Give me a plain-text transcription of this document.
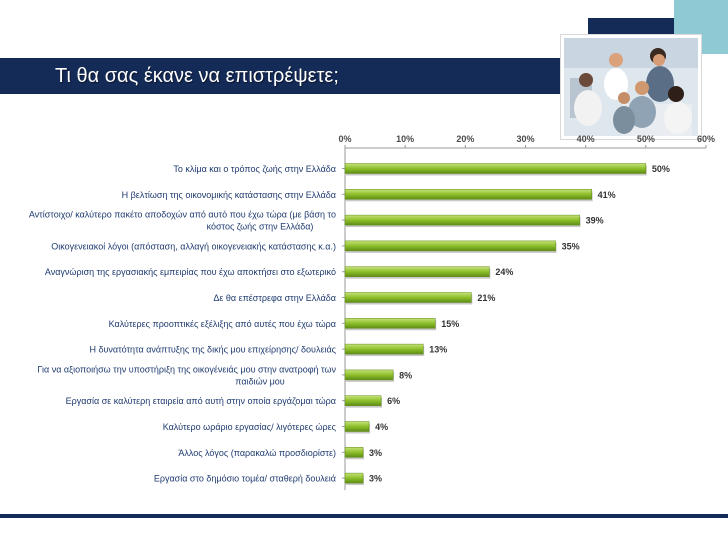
Τι θα σας έκανε να επιστρέψετε;
0%	10%	20%	30%	40%	50%	60%
50%
Το κλίμα και ο τρόπος ζωής στην Ελλάδα
41%
Η βελτίωση της οικονομικής κατάστασης στην Ελλάδα
39%
Αντίστοιχο/ καλύτερο πακέτο αποδοχών από αυτό που έχω τώρα (με βάση το
κόστος ζωής στην Ελλάδα)
35%
Οικογενειακοί λόγοι (απόσταση, αλλαγή οικογενειακής κατάστασης κ.α.)
24%
Αναγνώριση της εργασιακής εμπειρίας που έχω αποκτήσει στο εξωτερικό
21%
Δε θα επέστρεφα στην Ελλάδα
15%
Καλύτερες προοπτικές εξέλιξης από αυτές που έχω τώρα
13%
Η δυνατότητα ανάπτυξης της δικής μου επιχείρησης/ δουλειάς
8%
Για να αξιοποιήσω την υποστήριξη της οικογένειάς μου στην ανατροφή των
παιδιών μου
6%
Εργασία σε καλύτερη εταιρεία από αυτή στην οποία εργάζομαι τώρα
4%
Καλύτερο ωράριο εργασίας/ λιγότερες ώρες
3%
Άλλος λόγος (παρακαλώ προσδιορίστε)
3%
Εργασία στο δημόσιο τομέα/ σταθερή δουλειά
